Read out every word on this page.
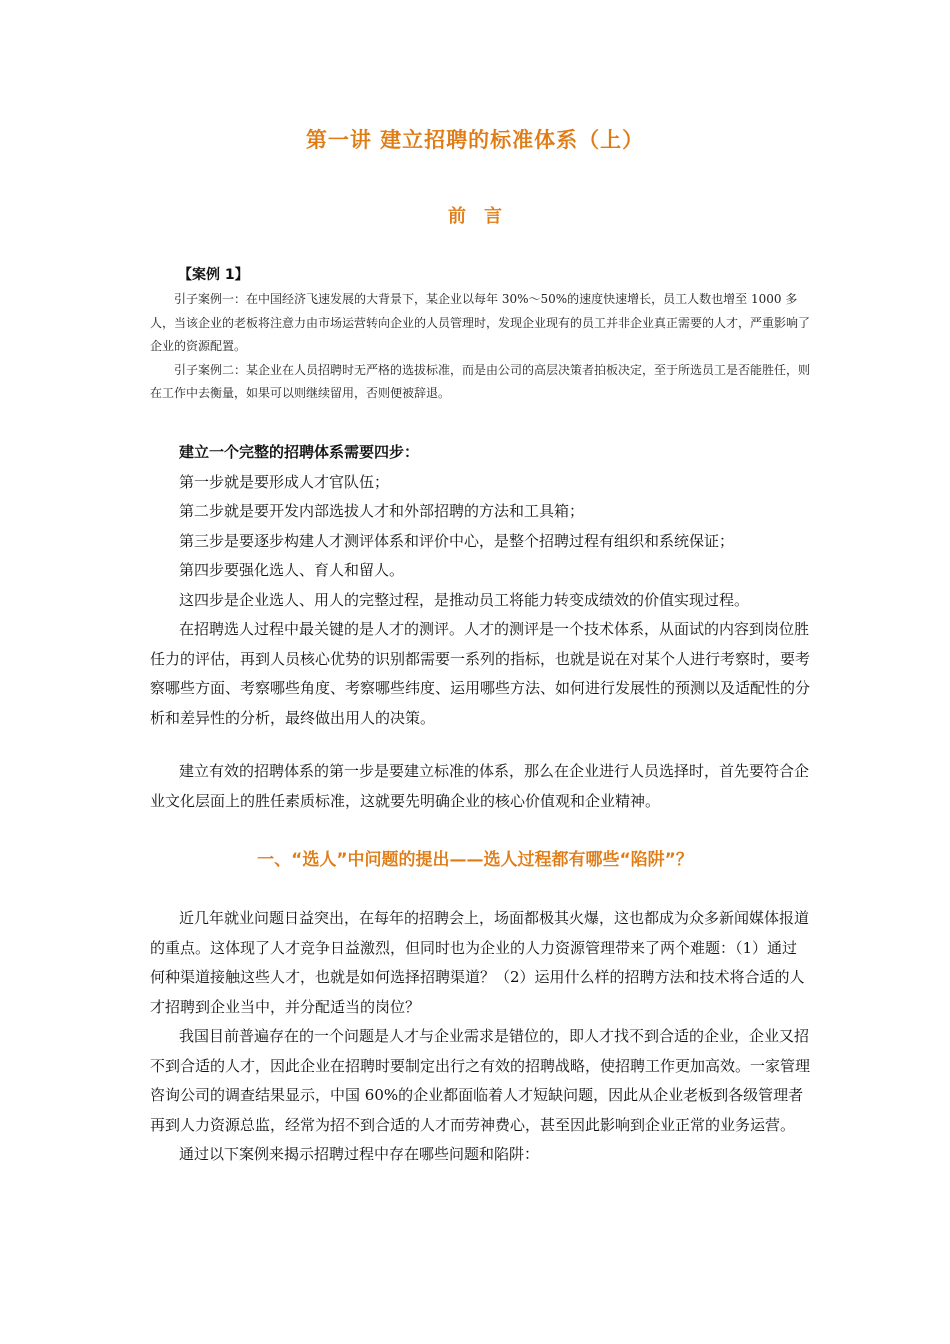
第一讲 建立招聘的标准体系（上）
前言
【案例 1】

引子案例一：在中国经济飞速发展的大背景下，某企业以每年 30%～50%的速度快速增长，员工人数也增至 1000 多人，当该企业的老板将注意力由市场运营转向企业的人员管理时，发现企业现有的员工并非企业真正需要的人才，严重影响了企业的资源配置。

引子案例二：某企业在人员招聘时无严格的选拔标准，而是由公司的高层决策者拍板决定，至于所选员工是否能胜任，则在工作中去衡量，如果可以则继续留用，否则便被辞退。

建立一个完整的招聘体系需要四步：

第一步就是要形成人才官队伍；

第二步就是要开发内部选拔人才和外部招聘的方法和工具箱；

第三步是要逐步构建人才测评体系和评价中心，是整个招聘过程有组织和系统保证；

第四步要强化选人、育人和留人。

这四步是企业选人、用人的完整过程，是推动员工将能力转变成绩效的价值实现过程。

在招聘选人过程中最关键的是人才的测评。人才的测评是一个技术体系，从面试的内容到岗位胜任力的评估，再到人员核心优势的识别都需要一系列的指标，也就是说在对某个人进行考察时，要考察哪些方面、考察哪些角度、考察哪些纬度、运用哪些方法、如何进行发展性的预测以及适配性的分析和差异性的分析，最终做出用人的决策。

建立有效的招聘体系的第一步是要建立标准的体系，那么在企业进行人员选择时，首先要符合企业文化层面上的胜任素质标准，这就要先明确企业的核心价值观和企业精神。

一、“选人”中问题的提出——选人过程都有哪些“陷阱”？

近几年就业问题日益突出，在每年的招聘会上，场面都极其火爆，这也都成为众多新闻媒体报道的重点。这体现了人才竞争日益激烈，但同时也为企业的人力资源管理带来了两个难题：（1）通过何种渠道接触这些人才，也就是如何选择招聘渠道？（2）运用什么样的招聘方法和技术将合适的人才招聘到企业当中，并分配适当的岗位？

我国目前普遍存在的一个问题是人才与企业需求是错位的，即人才找不到合适的企业，企业又招不到合适的人才，因此企业在招聘时要制定出行之有效的招聘战略，使招聘工作更加高效。一家管理咨询公司的调查结果显示，中国 60%的企业都面临着人才短缺问题，因此从企业老板到各级管理者再到人力资源总监，经常为招不到合适的人才而劳神费心，甚至因此影响到企业正常的业务运营。

通过以下案例来揭示招聘过程中存在哪些问题和陷阱：
